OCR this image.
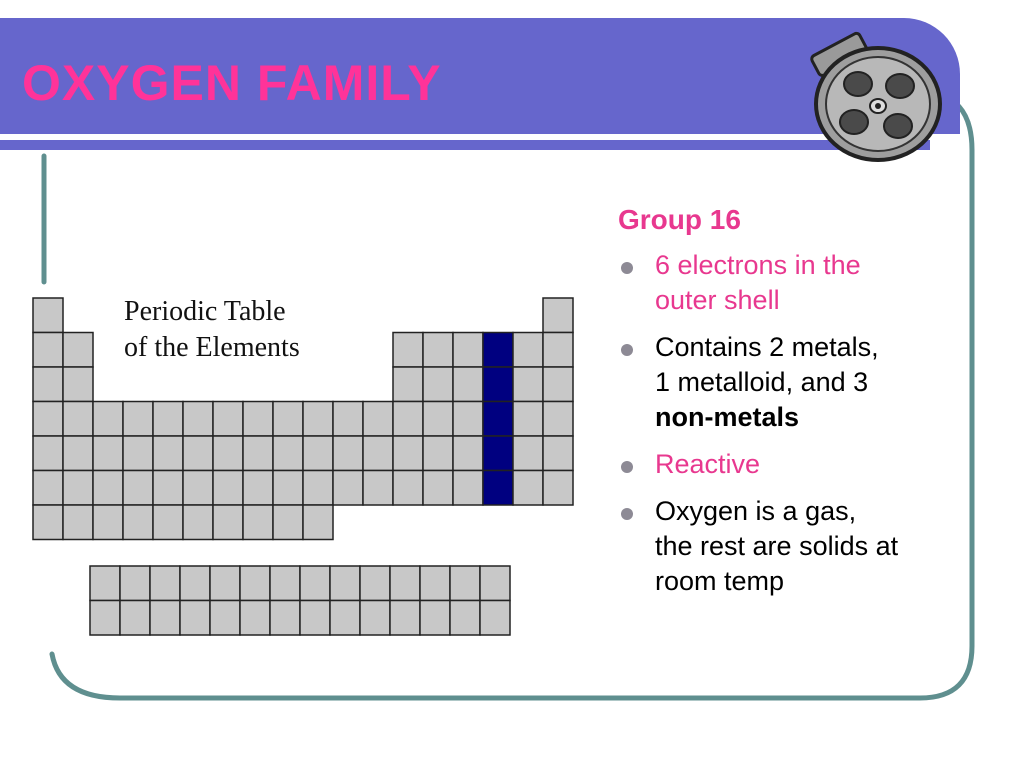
OXYGEN FAMILY
Periodic Table
of the Elements
Group 16
6 electrons in the
outer shell
Contains 2 metals,
1 metalloid, and 3
non-metals
Reactive
Oxygen is a gas,
the rest are solids at
room temp
